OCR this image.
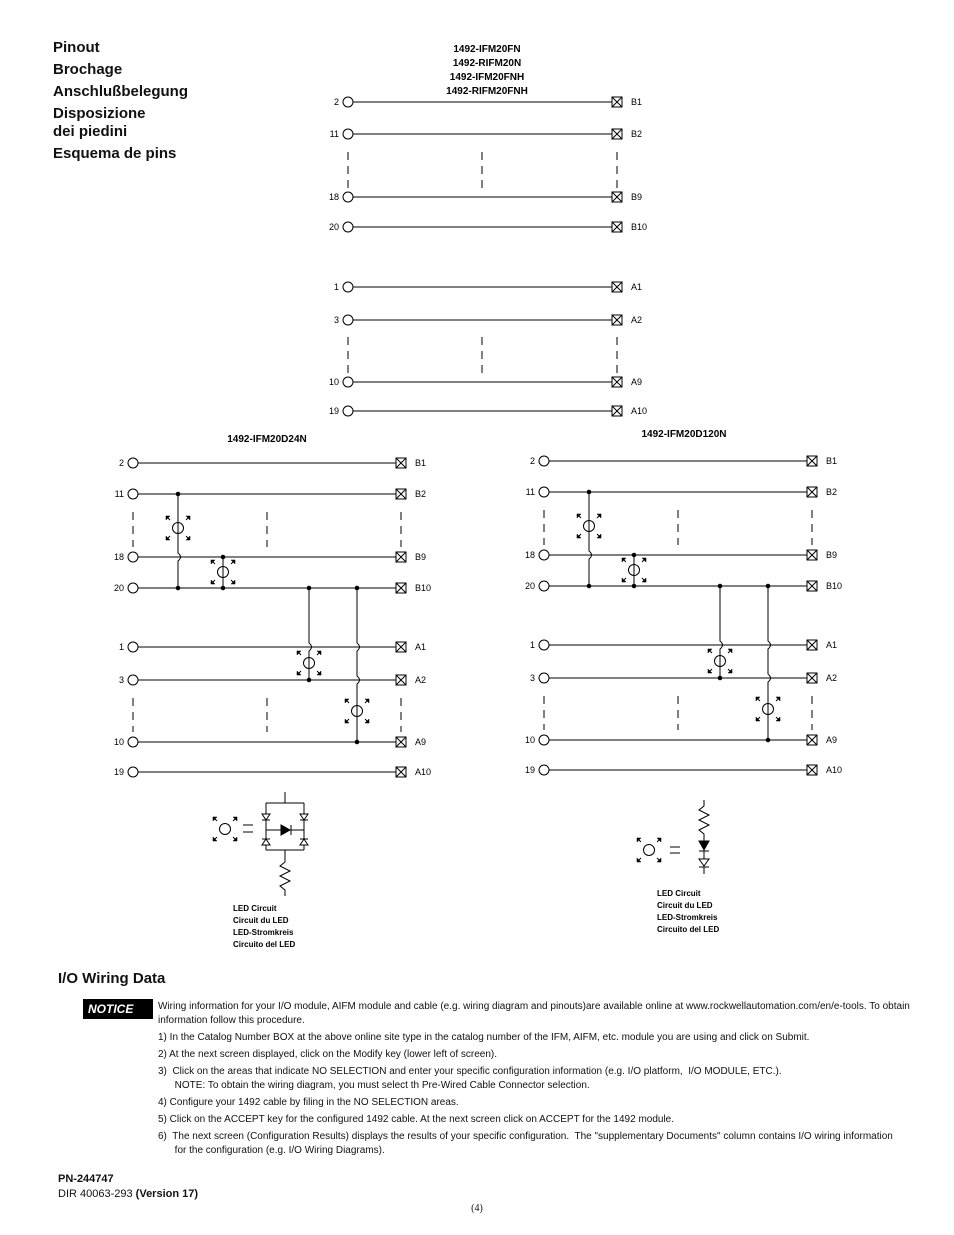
Pinout
Brochage
Anschlußbelegung
Disposizione
dei piedini
Esquema de pins
1492-IFM20FN
1492-RIFM20N
1492-IFM20FNH
1492-RIFM20FNH
2	B1
11	B2
18	B9
20	B10
1	A1
3	A2
10	A9
19	A10
1492-IFM20D24N
2	B1
11	B2
18	B9
20	B10
1	A1
3	A2
10	A9
19	A10
1492-IFM20D120N
2	B1
11	B2
18	B9
20	B10
1	A1
3	A2
10	A9
19	A10
LED Circuit
Circuit du LED
LED-Stromkreis
Circuito del LED
LED Circuit
Circuit du LED
LED-Stromkreis
Circuito del LED
I/O Wiring Data
NOTICE	Wiring information for your I/O module, AIFM module and cable (e.g. wiring diagram and pinouts)are available online at www.rockwellautomation.com/en/e-tools. To obtain information follow this procedure.
1) In the Catalog Number BOX at the above online site type in the catalog number of the IFM, AIFM, etc. module you are using and click on Submit.
2) At the next screen displayed, click on the Modify key (lower left of screen).
3)  Click on the areas that indicate NO SELECTION and enter your specific configuration information (e.g. I/O platform,  I/O MODULE, ETC.).
NOTE: To obtain the wiring diagram, you must select th Pre-Wired Cable Connector selection.
4) Configure your 1492 cable by filing in the NO SELECTION areas.
5) Click on the ACCEPT key for the configured 1492 cable. At the next screen click on ACCEPT for the 1492 module.
6)  The next screen (Configuration Results) displays the results of your specific configuration.  The "supplementary Documents" column contains I/O wiring information
for the configuration (e.g. I/O Wiring Diagrams).
PN-244747
DIR 40063-293 (Version 17)
(4)
